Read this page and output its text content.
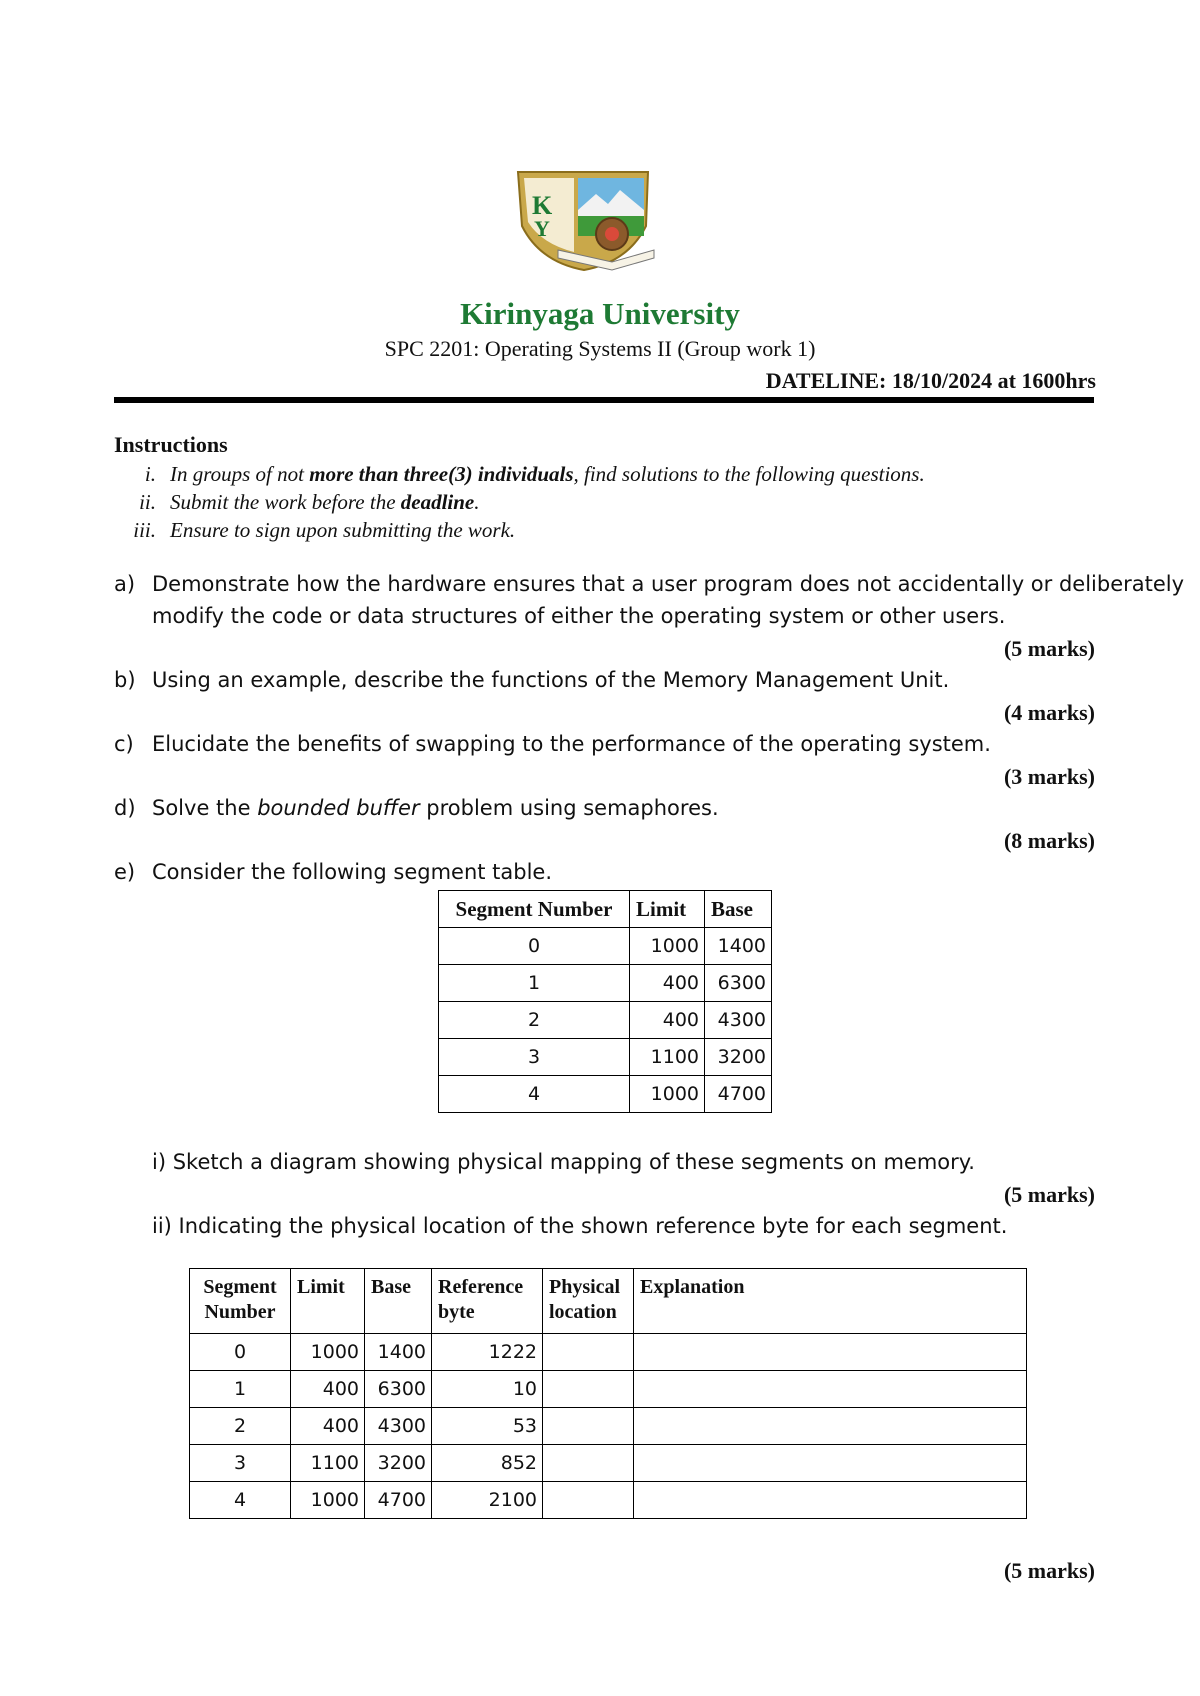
K
Y
Kirinyaga University
SPC 2201: Operating Systems II (Group work 1)
DATELINE: 18/10/2024 at 1600hrs
Instructions
i. In groups of not more than three(3) individuals, find solutions to the following questions.
ii. Submit the work before the deadline.
iii. Ensure to sign upon submitting the work.
a) Demonstrate how the hardware ensures that a user program does not accidentally or deliberately
modify the code or data structures of either the operating system or other users.
(5 marks)
b) Using an example, describe the functions of the Memory Management Unit.
(4 marks)
c) Elucidate the benefits of swapping to the performance of the operating system.
(3 marks)
d) Solve the bounded buffer problem using semaphores.
(8 marks)
e) Consider the following segment table.
Segment Number	Limit	Base
0	1000	1400
1	400	6300
2	400	4300
3	1100	3200
4	1000	4700
i) Sketch a diagram showing physical mapping of these segments on memory.
(5 marks)
ii) Indicating the physical location of the shown reference byte for each segment.
Segment Number	Limit	Base	Reference byte	Physical location	Explanation
0	1000	1400	1222		
1	400	6300	10		
2	400	4300	53		
3	1100	3200	852		
4	1000	4700	2100		
(5 marks)
